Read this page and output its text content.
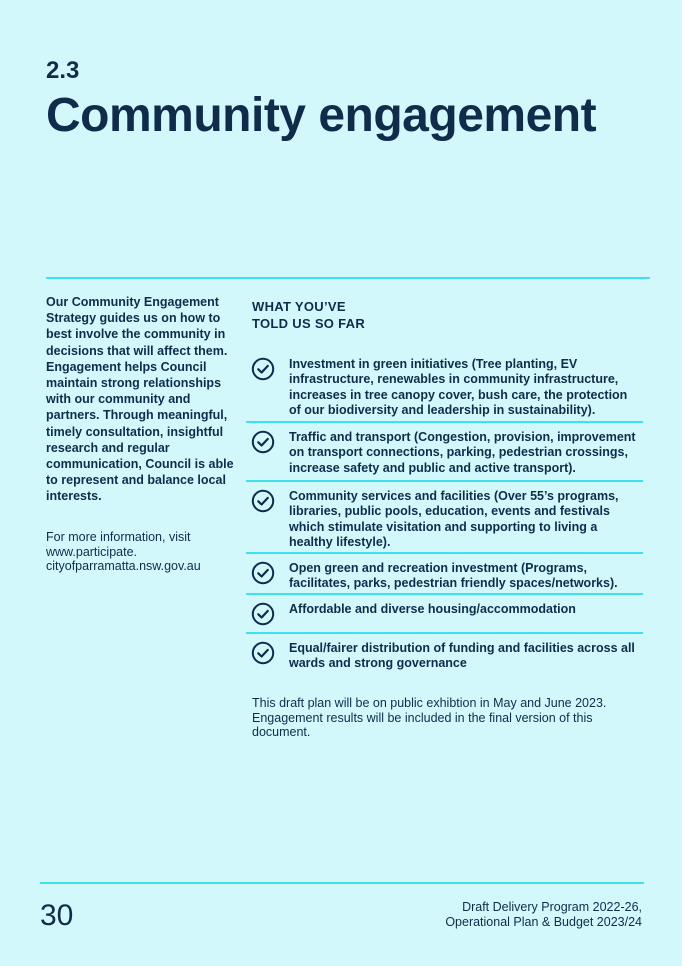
2.3
Community engagement

Our Community Engagement Strategy guides us on how to best involve the community in decisions that will affect them. Engagement helps Council maintain strong relationships with our community and partners. Through meaningful, timely consultation, insightful research and regular communication, Council is able to represent and balance local interests.

For more information, visit www.participate. cityofparramatta.nsw.gov.au

WHAT YOU’VE
TOLD US SO FAR
Investment in green initiatives (Tree planting, EV infrastructure, renewables in community infrastructure, increases in tree canopy cover, bush care, the protection of our biodiversity and leadership in sustainability).
Traffic and transport (Congestion, provision, improvement on transport connections, parking, pedestrian crossings, increase safety and public and active transport).
Community services and facilities (Over 55’s programs, libraries, public pools, education, events and festivals which stimulate visitation and supporting to living a healthy lifestyle).
Open green and recreation investment (Programs, facilitates, parks, pedestrian friendly spaces/networks).
Affordable and diverse housing/accommodation
Equal/fairer distribution of funding and facilities across all wards and strong governance

This draft plan will be on public exhibtion in May and June 2023. Engagement results will be included in the final version of this document.

30	Draft Delivery Program 2022-26,
Operational Plan & Budget 2023/24
